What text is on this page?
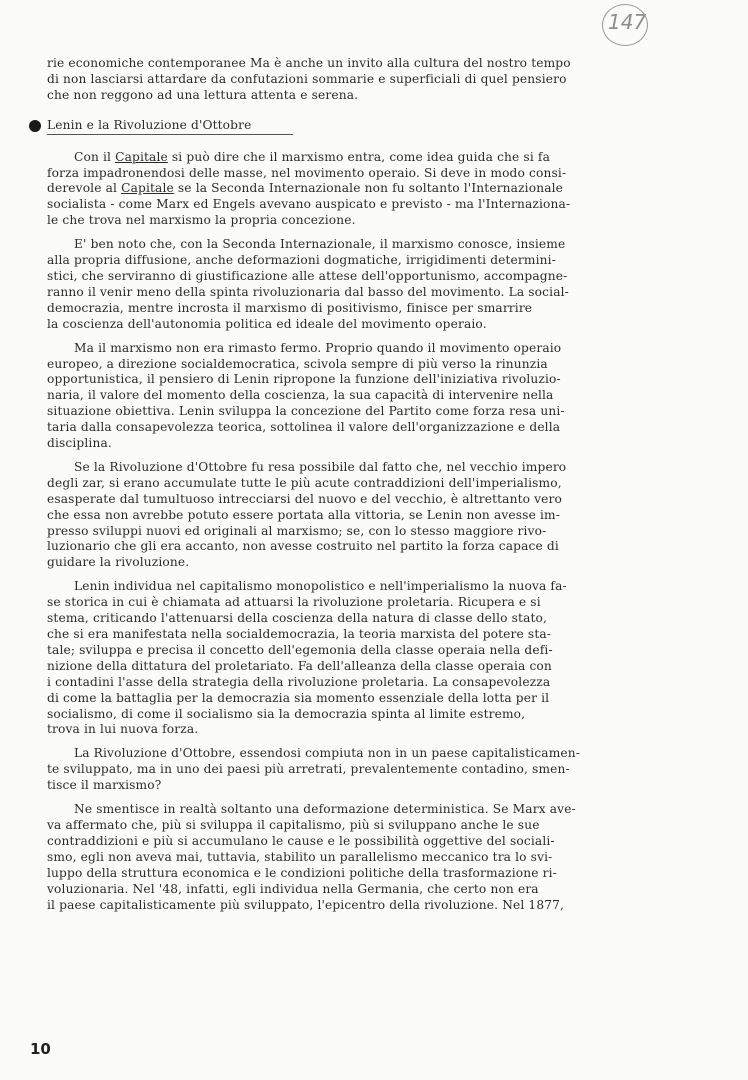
147
rie economiche contemporanee Ma è anche un invito alla cultura del nostro tempo
di non lasciarsi attardare da confutazioni sommarie e superficiali di quel pensiero
che non reggono ad una lettura attenta e serena.
Lenin e la Rivoluzione d'Ottobre
Con il Capitale si può dire che il marxismo entra, come idea guida che si fa
forza impadronendosi delle masse, nel movimento operaio. Si deve in modo consi-
derevole al Capitale se la Seconda Internazionale non fu soltanto l'Internazionale
socialista - come Marx ed Engels avevano auspicato e previsto - ma l'Internaziona-
le che trova nel marxismo la propria concezione.
E' ben noto che, con la Seconda Internazionale, il marxismo conosce, insieme
alla propria diffusione, anche deformazioni dogmatiche, irrigidimenti determini-
stici, che serviranno di giustificazione alle attese dell'opportunismo, accompagne-
ranno il venir meno della spinta rivoluzionaria dal basso del movimento. La social-
democrazia, mentre incrosta il marxismo di positivismo, finisce per smarrire
la coscienza dell'autonomia politica ed ideale del movimento operaio.
Ma il marxismo non era rimasto fermo. Proprio quando il movimento operaio
europeo, a direzione socialdemocratica, scivola sempre di più verso la rinunzia
opportunistica, il pensiero di Lenin ripropone la funzione dell'iniziativa rivoluzio-
naria, il valore del momento della coscienza, la sua capacità di intervenire nella
situazione obiettiva. Lenin sviluppa la concezione del Partito come forza resa uni-
taria dalla consapevolezza teorica, sottolinea il valore dell'organizzazione e della
disciplina.
Se la Rivoluzione d'Ottobre fu resa possibile dal fatto che, nel vecchio impero
degli zar, si erano accumulate tutte le più acute contraddizioni dell'imperialismo,
esasperate dal tumultuoso intrecciarsi del nuovo e del vecchio, è altrettanto vero
che essa non avrebbe potuto essere portata alla vittoria, se Lenin non avesse im-
presso sviluppi nuovi ed originali al marxismo; se, con lo stesso maggiore rivo-
luzionario che gli era accanto, non avesse costruito nel partito la forza capace di
guidare la rivoluzione.
Lenin individua nel capitalismo monopolistico e nell'imperialismo la nuova fa-
se storica in cui è chiamata ad attuarsi la rivoluzione proletaria. Ricupera e si
stema, criticando l'attenuarsi della coscienza della natura di classe dello stato,
che si era manifestata nella socialdemocrazia, la teoria marxista del potere sta-
tale; sviluppa e precisa il concetto dell'egemonia della classe operaia nella defi-
nizione della dittatura del proletariato. Fa dell'alleanza della classe operaia con
i contadini l'asse della strategia della rivoluzione proletaria. La consapevolezza
di come la battaglia per la democrazia sia momento essenziale della lotta per il
socialismo, di come il socialismo sia la democrazia spinta al limite estremo,
trova in lui nuova forza.
La Rivoluzione d'Ottobre, essendosi compiuta non in un paese capitalisticamen-
te sviluppato, ma in uno dei paesi più arretrati, prevalentemente contadino, smen-
tisce il marxismo?
Ne smentisce in realtà soltanto una deformazione deterministica. Se Marx ave-
va affermato che, più si sviluppa il capitalismo, più si sviluppano anche le sue
contraddizioni e più si accumulano le cause e le possibilità oggettive del sociali-
smo, egli non aveva mai, tuttavia, stabilito un parallelismo meccanico tra lo svi-
luppo della struttura economica e le condizioni politiche della trasformazione ri-
voluzionaria. Nel '48, infatti, egli individua nella Germania, che certo non era
il paese capitalisticamente più sviluppato, l'epicentro della rivoluzione. Nel 1877,
10
